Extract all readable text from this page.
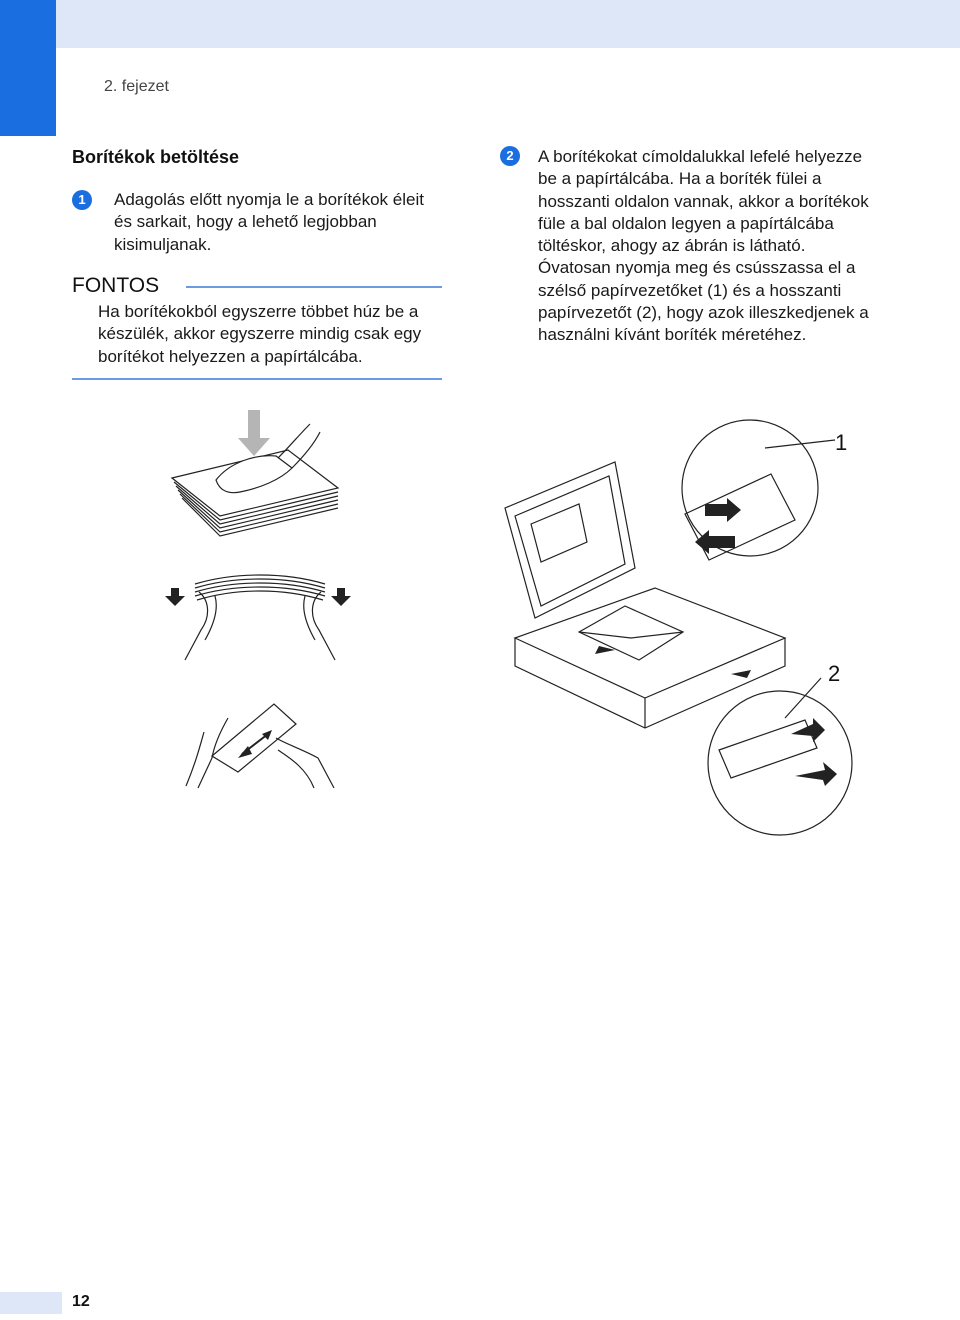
2. fejezet
Borítékok betöltése
1	Adagolás előtt nyomja le a borítékok éleit és sarkait, hogy a lehető legjobban kisimuljanak.
FONTOS
Ha borítékokból egyszerre többet húz be a készülék, akkor egyszerre mindig csak egy borítékot helyezzen a papírtálcába.
2	A borítékokat címoldalukkal lefelé helyezze be a papírtálcába. Ha a boríték fülei a hosszanti oldalon vannak, akkor a borítékok füle a bal oldalon legyen a papírtálcába töltéskor, ahogy az ábrán is látható. Óvatosan nyomja meg és csússzassa el a szélső papírvezetőket (1) és a hosszanti papírvezetőt (2), hogy azok illeszkedjenek a használni kívánt boríték méretéhez.
1
2
12
